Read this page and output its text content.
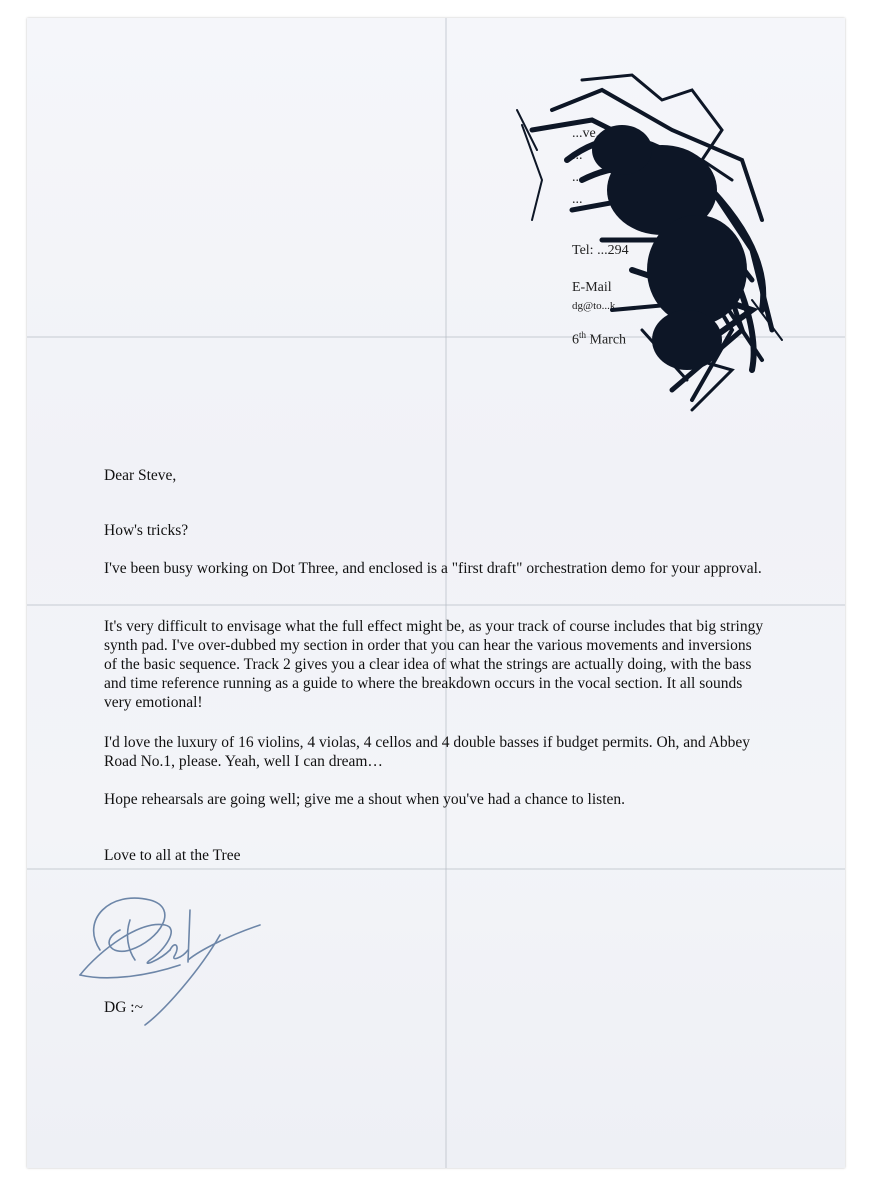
...ve,
...
...
...
Tel: ...294
E-Mail
dg@to...k
6th March
Dear Steve,
How's tricks?
I've been busy working on Dot Three, and enclosed is a "first draft" orchestration demo for your approval.
It's very difficult to envisage what the full effect might be, as your track of course includes that big stringy synth pad. I've over-dubbed my section in order that you can hear the various movements and inversions of the basic sequence. Track 2 gives you a clear idea of what the strings are actually doing, with the bass and time reference running as a guide to where the breakdown occurs in the vocal section. It all sounds very emotional!
I'd love the luxury of 16 violins, 4 violas, 4 cellos and 4 double basses if budget permits. Oh, and Abbey Road No.1, please. Yeah, well I can dream…
Hope rehearsals are going well; give me a shout when you've had a chance to listen.
Love to all at the Tree
DG :~
